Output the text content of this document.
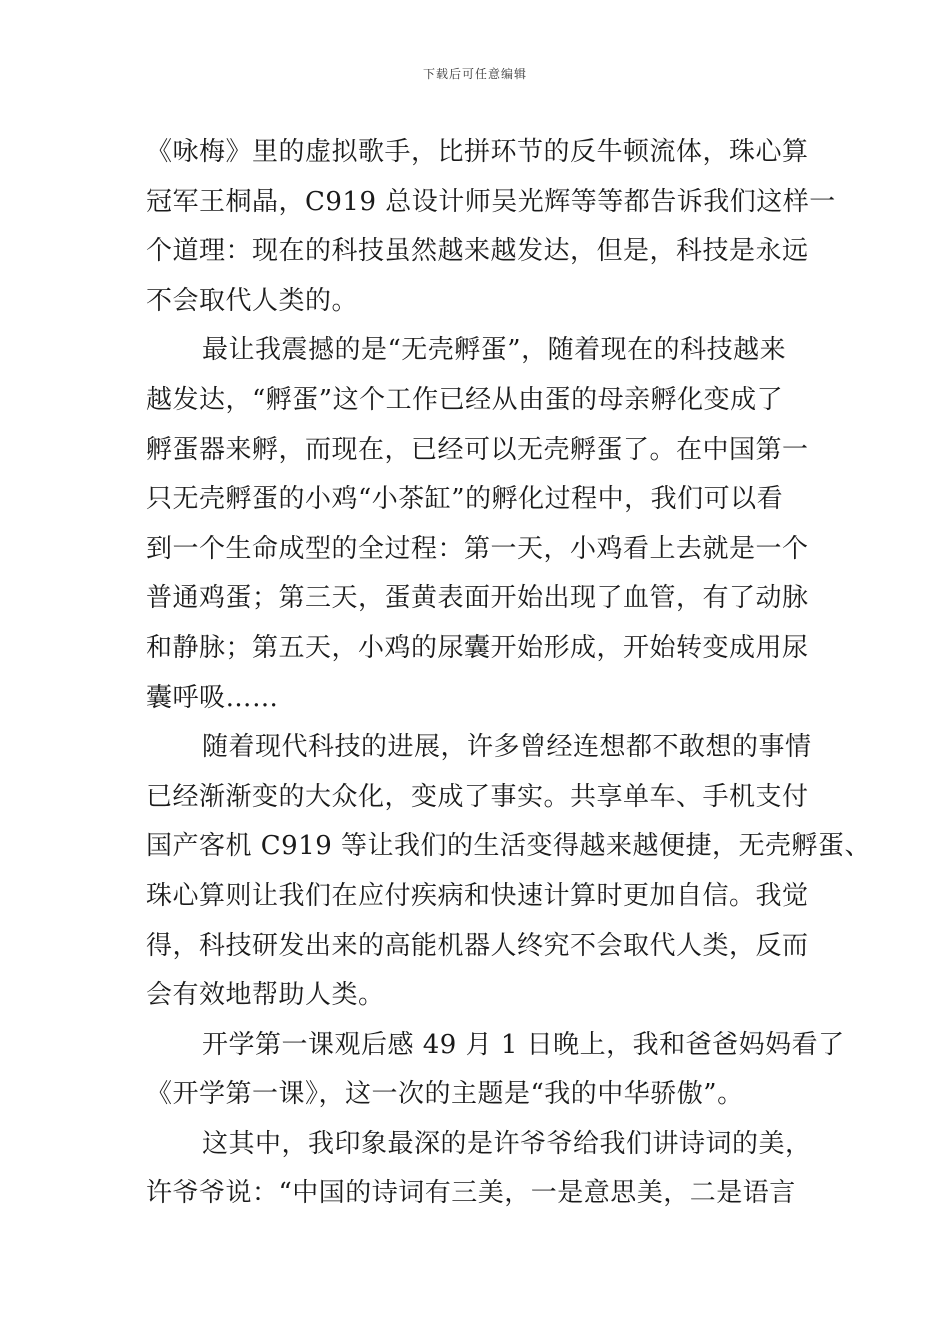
下载后可任意编辑
《咏梅》里的虚拟歌手，比拼环节的反牛顿流体，珠心算
冠军王桐晶，C919 总设计师吴光辉等等都告诉我们这样一
个道理：现在的科技虽然越来越发达，但是，科技是永远
不会取代人类的。
最让我震撼的是“无壳孵蛋”，随着现在的科技越来
越发达，“孵蛋”这个工作已经从由蛋的母亲孵化变成了
孵蛋器来孵，而现在，已经可以无壳孵蛋了。在中国第一
只无壳孵蛋的小鸡“小茶缸”的孵化过程中，我们可以看
到一个生命成型的全过程：第一天，小鸡看上去就是一个
普通鸡蛋；第三天，蛋黄表面开始出现了血管，有了动脉
和静脉；第五天，小鸡的尿囊开始形成，开始转变成用尿
囊呼吸……
随着现代科技的进展，许多曾经连想都不敢想的事情
已经渐渐变的大众化，变成了事实。共享单车、手机支付
国产客机 C919 等让我们的生活变得越来越便捷，无壳孵蛋、
珠心算则让我们在应付疾病和快速计算时更加自信。我觉
得，科技研发出来的高能机器人终究不会取代人类，反而
会有效地帮助人类。
开学第一课观后感 49 月 1 日晚上，我和爸爸妈妈看了
《开学第一课》，这一次的主题是“我的中华骄傲”。
这其中，我印象最深的是许爷爷给我们讲诗词的美，
许爷爷说：“中国的诗词有三美，一是意思美，二是语言
